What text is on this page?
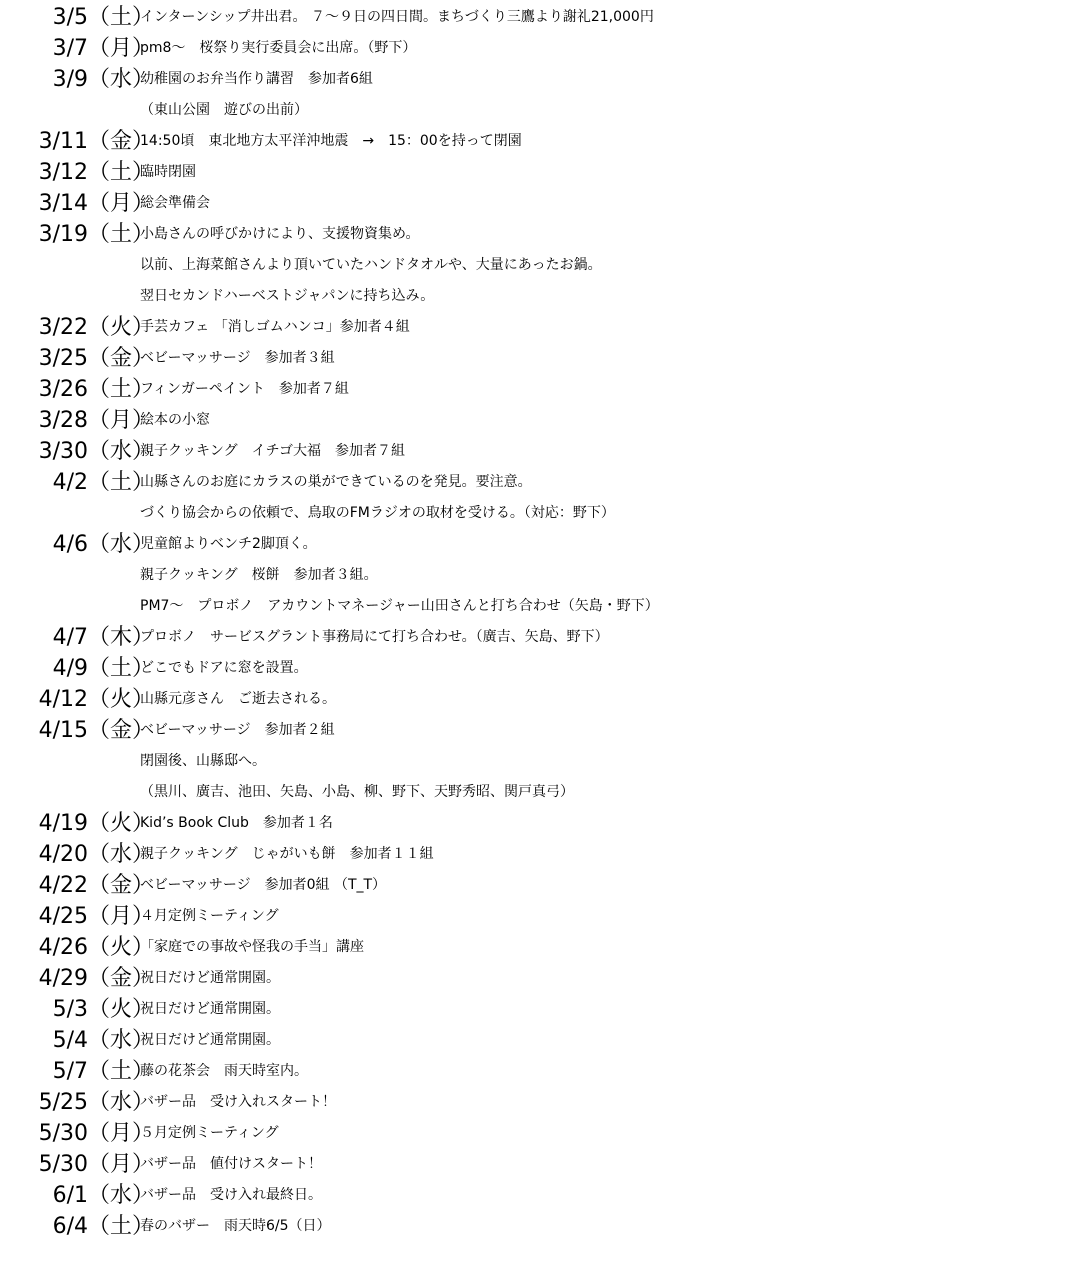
3/5 （土）
インターンシップ井出君。 ７～９日の四日間。まちづくり三鷹より謝礼21,000円
3/7 （月）
pm8～　桜祭り実行委員会に出席。（野下）
3/9 （水）
幼稚園のお弁当作り講習　参加者6組
（東山公園　遊びの出前）
3/11 （金）
14:50頃　東北地方太平洋沖地震　→　15：00を持って閉園
3/12 （土）
臨時閉園
3/14 （月）
総会準備会
3/19 （土）
小島さんの呼びかけにより、支援物資集め。
以前、上海菜館さんより頂いていたハンドタオルや、大量にあったお鍋。
翌日セカンドハーベストジャパンに持ち込み。
3/22 （火）
手芸カフェ 「消しゴムハンコ」参加者４組
3/25 （金）
ベビーマッサージ　参加者３組
3/26 （土）
フィンガーペイント　参加者７組
3/28 （月）
絵本の小窓
3/30 （水）
親子クッキング　イチゴ大福　参加者７組
4/2 （土）
山縣さんのお庭にカラスの巣ができているのを発見。要注意。
づくり協会からの依頼で、鳥取のFMラジオの取材を受ける。（対応：野下）
4/6 （水）
児童館よりベンチ2脚頂く。
親子クッキング　桜餅　参加者３組。
PM7～　プロボノ　アカウントマネージャー山田さんと打ち合わせ（矢島・野下）
4/7 （木）
プロボノ　サービスグラント事務局にて打ち合わせ。（廣吉、矢島、野下）
4/9 （土）
どこでもドアに窓を設置。
4/12 （火）
山縣元彦さん　ご逝去される。
4/15 （金）
ベビーマッサージ　参加者２組
閉園後、山縣邸へ。
（黒川、廣吉、池田、矢島、小島、柳、野下、天野秀昭、関戸真弓）
4/19 （火）
Kid’s Book Club　参加者１名
4/20 （水）
親子クッキング　じゃがいも餅　参加者１１組
4/22 （金）
ベビーマッサージ　参加者0組 （T_T）
4/25 （月）
４月定例ミーティング
4/26 （火）
「家庭での事故や怪我の手当」講座
4/29 （金）
祝日だけど通常開園。
5/3 （火）
祝日だけど通常開園。
5/4 （水）
祝日だけど通常開園。
5/7 （土）
藤の花茶会　雨天時室内。
5/25 （水）
バザー品　受け入れスタート！
5/30 （月）
５月定例ミーティング
5/30 （月）
バザー品　値付けスタート！
6/1 （水）
バザー品　受け入れ最終日。
6/4 （土）
春のバザー　雨天時6/5（日）
